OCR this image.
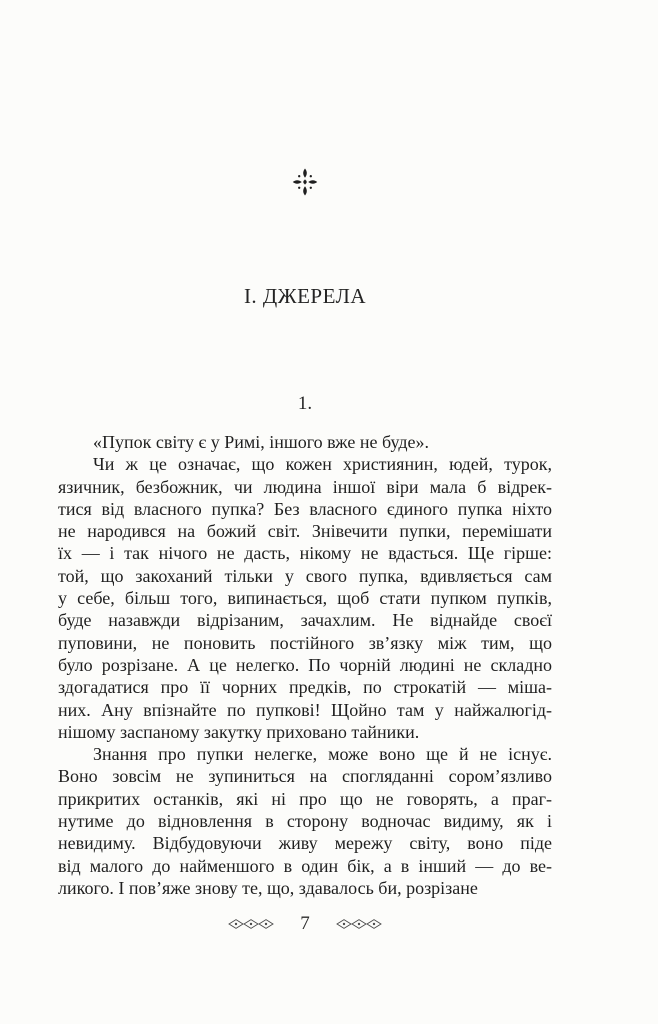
І. ДЖЕРЕЛА
1.
«Пупок світу є у Римі, іншого вже не буде».
Чи ж це означає, що кожен християнин, юдей, турок,
язичник, безбожник, чи людина іншої віри мала б відрек-
тися від власного пупка? Без власного єдиного пупка ніхто
не народився на божий світ. Знівечити пупки, перемішати
їх — і так нічого не дасть, нікому не вдасться. Ще гірше:
той, що закоханий тільки у свого пупка, вдивляється сам
у себе, більш того, випинається, щоб стати пупком пупків,
буде назавжди відрізаним, зачахлим. Не віднайде своєї
пуповини, не поновить постійного зв’язку між тим, що
було розрізане. А це нелегко. По чорній людині не складно
здогадатися про її чорних предків, по строкатій — міша-
них. Ану впізнайте по пупкові! Щойно там у найжалюгід-
нішому заспаному закутку приховано тайники.
Знання про пупки нелегке, може воно ще й не існує.
Воно зовсім не зупиниться на спогляданні сором’язливо
прикритих останків, які ні про що не говорять, а праг-
нутиме до відновлення в сторону водночас видиму, як і
невидиму. Відбудовуючи живу мережу світу, воно піде
від малого до найменшого в один бік, а в інший — до ве-
ликого. І пов’яже знову те, що, здавалось би, розрізане
7
